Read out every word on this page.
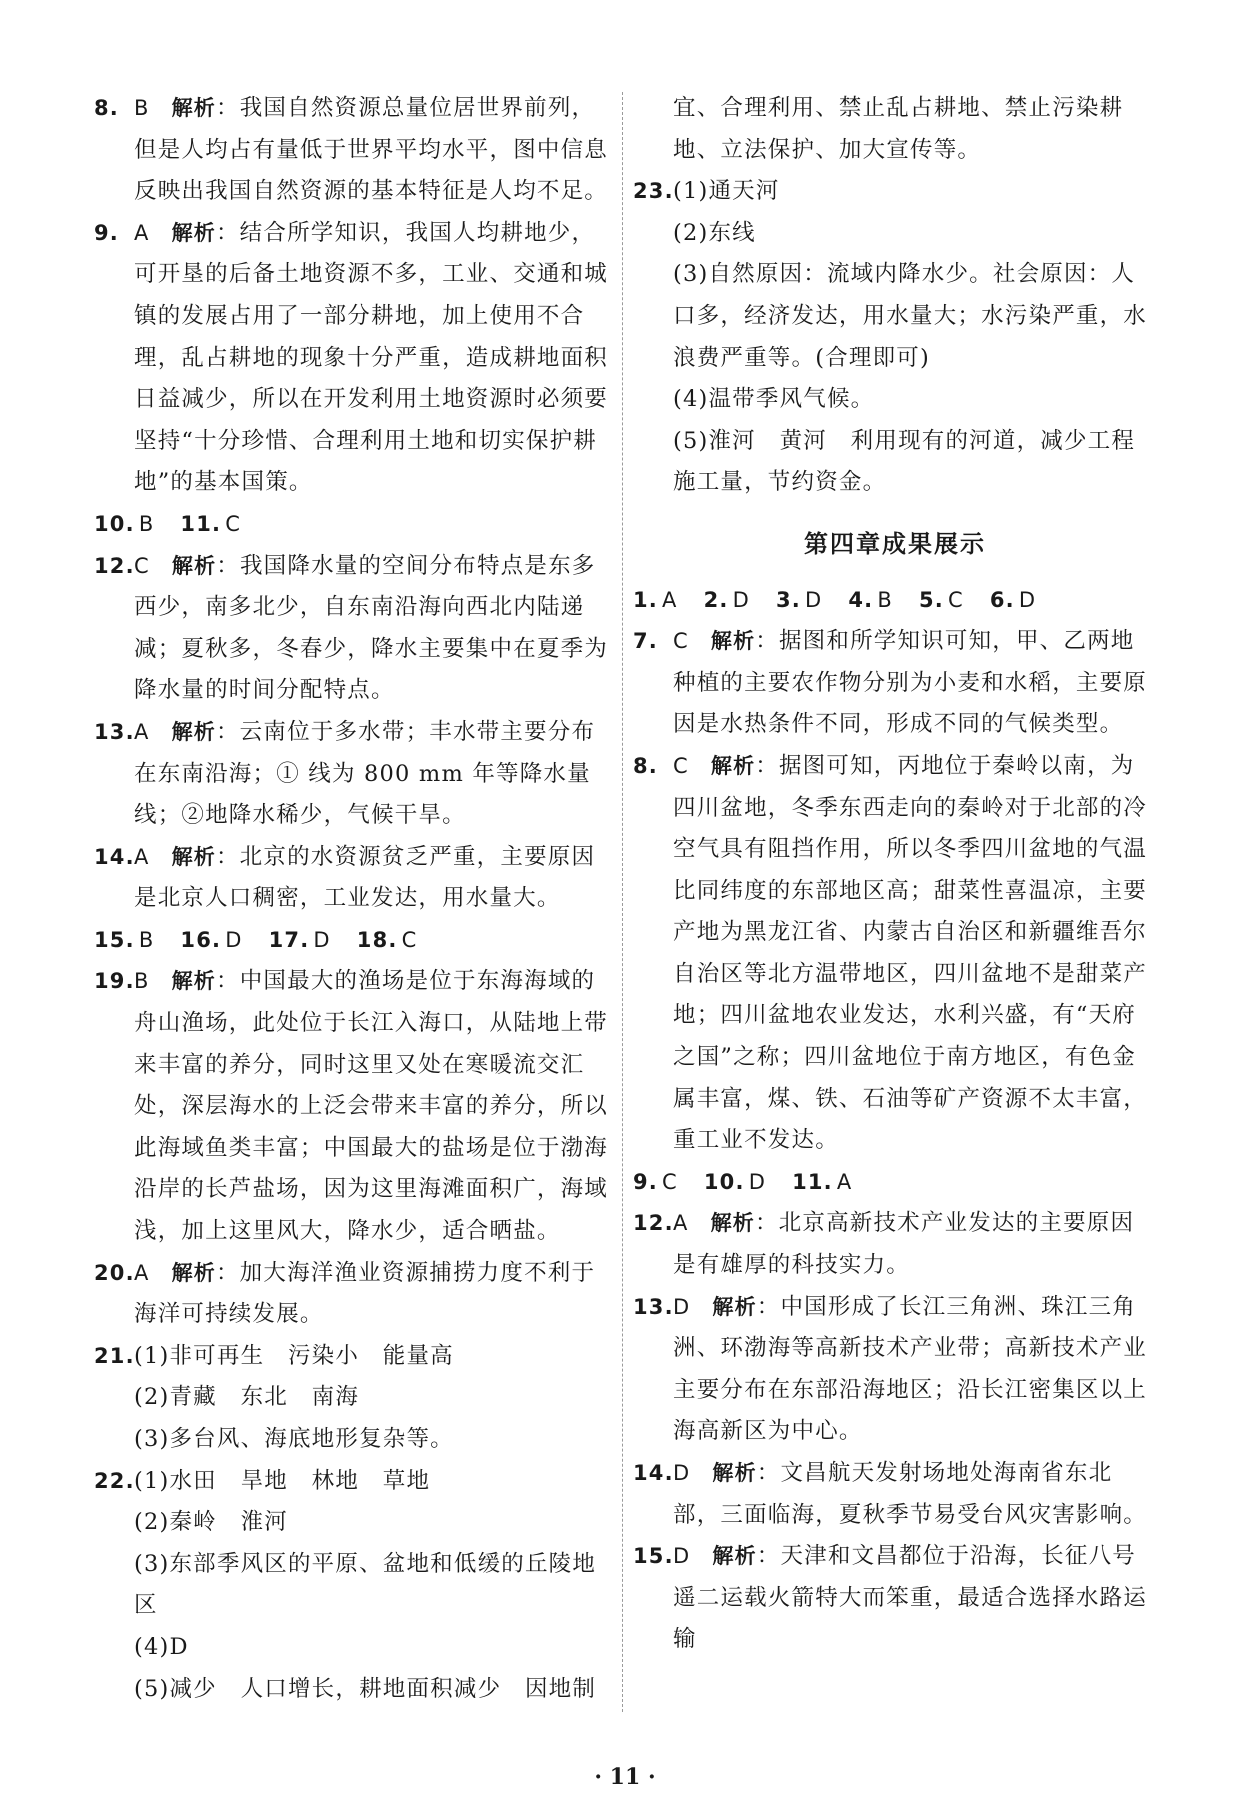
8. B 解析：我国自然资源总量位居世界前列，但是人均占有量低于世界平均水平，图中信息反映出我国自然资源的基本特征是人均不足。

9. A 解析：结合所学知识，我国人均耕地少，可开垦的后备土地资源不多，工业、交通和城镇的发展占用了一部分耕地，加上使用不合理，乱占耕地的现象十分严重，造成耕地面积日益减少，所以在开发利用土地资源时必须要坚持“十分珍惜、合理利用土地和切实保护耕地”的基本国策。

10. B 11. C

12. C 解析：我国降水量的空间分布特点是东多西少，南多北少，自东南沿海向西北内陆递减；夏秋多，冬春少，降水主要集中在夏季为降水量的时间分配特点。

13. A 解析：云南位于多水带；丰水带主要分布在东南沿海；① 线为 800 mm 年等降水量线；②地降水稀少，气候干旱。

14. A 解析：北京的水资源贫乏严重，主要原因是北京人口稠密，工业发达，用水量大。

15. B 16. D 17. D 18. C

19. B 解析：中国最大的渔场是位于东海海域的舟山渔场，此处位于长江入海口，从陆地上带来丰富的养分，同时这里又处在寒暖流交汇处，深层海水的上泛会带来丰富的养分，所以此海域鱼类丰富；中国最大的盐场是位于渤海沿岸的长芦盐场，因为这里海滩面积广，海域浅，加上这里风大，降水少，适合晒盐。

20. A 解析：加大海洋渔业资源捕捞力度不利于海洋可持续发展。

21. (1)非可再生　污染小　能量高

(2)青藏　东北　南海

(3)多台风、海底地形复杂等。

22. (1)水田　旱地　林地　草地

(2)秦岭　淮河

(3)东部季风区的平原、盆地和低缓的丘陵地区

(4)D

(5)减少　人口增长，耕地面积减少　因地制

宜、合理利用、禁止乱占耕地、禁止污染耕地、立法保护、加大宣传等。

23. (1)通天河

(2)东线

(3)自然原因：流域内降水少。社会原因：人口多，经济发达，用水量大；水污染严重，水浪费严重等。(合理即可)

(4)温带季风气候。

(5)淮河　黄河　利用现有的河道，减少工程施工量，节约资金。

第四章成果展示

1. A 2. D 3. D 4. B 5. C 6. D

7. C 解析：据图和所学知识可知，甲、乙两地种植的主要农作物分别为小麦和水稻，主要原因是水热条件不同，形成不同的气候类型。

8. C 解析：据图可知，丙地位于秦岭以南，为四川盆地，冬季东西走向的秦岭对于北部的冷空气具有阻挡作用，所以冬季四川盆地的气温比同纬度的东部地区高；甜菜性喜温凉，主要产地为黑龙江省、内蒙古自治区和新疆维吾尔自治区等北方温带地区，四川盆地不是甜菜产地；四川盆地农业发达，水利兴盛，有“天府之国”之称；四川盆地位于南方地区，有色金属丰富，煤、铁、石油等矿产资源不太丰富，重工业不发达。

9. C 10. D 11. A

12. A 解析：北京高新技术产业发达的主要原因是有雄厚的科技实力。

13. D 解析：中国形成了长江三角洲、珠江三角洲、环渤海等高新技术产业带；高新技术产业主要分布在东部沿海地区；沿长江密集区以上海高新区为中心。

14. D 解析：文昌航天发射场地处海南省东北部，三面临海，夏秋季节易受台风灾害影响。

15. D 解析：天津和文昌都位于沿海，长征八号遥二运载火箭特大而笨重，最适合选择水路运输

· 11 ·
